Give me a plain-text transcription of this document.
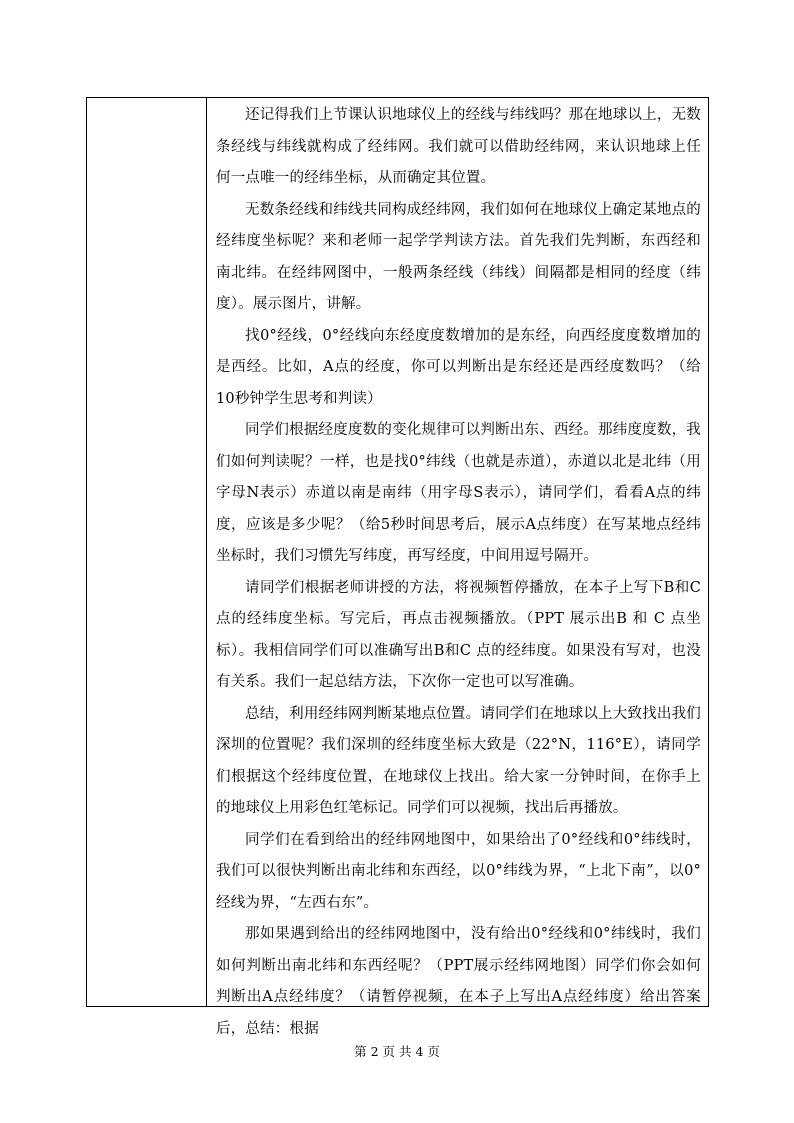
还记得我们上节课认识地球仪上的经线与纬线吗？那在地球以上，无数条经线与纬线就构成了经纬网。我们就可以借助经纬网，来认识地球上任何一点唯一的经纬坐标，从而确定其位置。

无数条经线和纬线共同构成经纬网，我们如何在地球仪上确定某地点的经纬度坐标呢？来和老师一起学学判读方法。首先我们先判断，东西经和南北纬。在经纬网图中，一般两条经线（纬线）间隔都是相同的经度（纬度）。展示图片，讲解。

找0°经线，0°经线向东经度度数增加的是东经，向西经度度数增加的是西经。比如，A点的经度，你可以判断出是东经还是西经度数吗？（给10秒钟学生思考和判读）

同学们根据经度度数的变化规律可以判断出东、西经。那纬度度数，我们如何判读呢？一样，也是找0°纬线（也就是赤道），赤道以北是北纬（用字母N表示）赤道以南是南纬（用字母S表示），请同学们，看看A点的纬度，应该是多少呢？（给5秒时间思考后，展示A点纬度）在写某地点经纬坐标时，我们习惯先写纬度，再写经度，中间用逗号隔开。

请同学们根据老师讲授的方法，将视频暂停播放，在本子上写下B和C点的经纬度坐标。写完后，再点击视频播放。（PPT 展示出B 和 C 点坐标）。我相信同学们可以准确写出B和C 点的经纬度。如果没有写对，也没有关系。我们一起总结方法，下次你一定也可以写准确。

总结，利用经纬网判断某地点位置。请同学们在地球以上大致找出我们深圳的位置呢？我们深圳的经纬度坐标大致是（22°N，116°E），请同学们根据这个经纬度位置，在地球仪上找出。给大家一分钟时间，在你手上的地球仪上用彩色红笔标记。同学们可以视频，找出后再播放。

同学们在看到给出的经纬网地图中，如果给出了0°经线和0°纬线时，我们可以很快判断出南北纬和东西经，以0°纬线为界，“上北下南”，以0°经线为界，“左西右东”。

那如果遇到给出的经纬网地图中，没有给出0°经线和0°纬线时，我们如何判断出南北纬和东西经呢？（PPT展示经纬网地图）同学们你会如何判断出A点经纬度？（请暂停视频，在本子上写出A点经纬度）给出答案后，总结：根据

第 2 页 共 4 页
